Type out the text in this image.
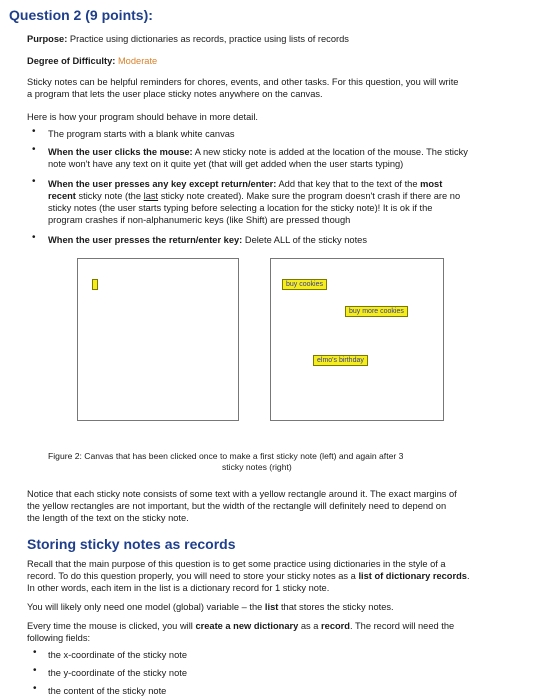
Question 2 (9 points):
Purpose: Practice using dictionaries as records, practice using lists of records
Degree of Difficulty: Moderate
Sticky notes can be helpful reminders for chores, events, and other tasks. For this question, you will write
a program that lets the user place sticky notes anywhere on the canvas.
Here is how your program should behave in more detail.
• The program starts with a blank white canvas
• When the user clicks the mouse: A new sticky note is added at the location of the mouse. The sticky
note won't have any text on it quite yet (that will get added when the user starts typing)
• When the user presses any key except return/enter: Add that key that to the text of the most
recent sticky note (the last sticky note created). Make sure the program doesn't crash if there are no
sticky notes (the user starts typing before selecting a location for the sticky note)! It is ok if the
program crashes if non-alphanumeric keys (like Shift) are pressed though
• When the user presses the return/enter key: Delete ALL of the sticky notes
buy cookies
buy more cookies
elmo's birthday
Figure 2: Canvas that has been clicked once to make a first sticky note (left) and again after 3
sticky notes (right)
Notice that each sticky note consists of some text with a yellow rectangle around it. The exact margins of
the yellow rectangles are not important, but the width of the rectangle will definitely need to depend on
the length of the text on the sticky note.
Storing sticky notes as records
Recall that the main purpose of this question is to get some practice using dictionaries in the style of a
record. To do this question properly, you will need to store your sticky notes as a list of dictionary records.
In other words, each item in the list is a dictionary record for 1 sticky note.
You will likely only need one model (global) variable – the list that stores the sticky notes.
Every time the mouse is clicked, you will create a new dictionary as a record. The record will need the
following fields:
• the x-coordinate of the sticky note
• the y-coordinate of the sticky note
• the content of the sticky note
